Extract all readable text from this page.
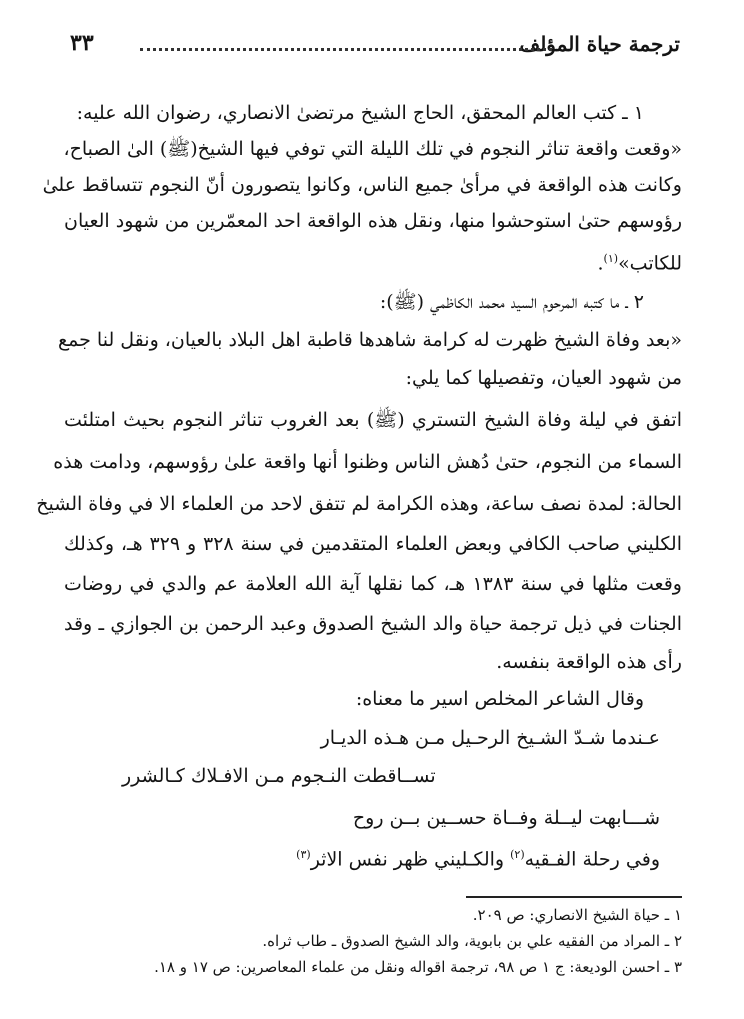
ترجمة حياة المؤلف
٣٣
١ ـ كتب العالم المحقق، الحاج الشيخ مرتضىٰ الانصاري، رضوان الله عليه:
«وقعت واقعة تناثر النجوم في تلك الليلة التي توفي فيها الشيخ(ﷺ) الىٰ الصباح،
وكانت هذه الواقعة في مرأىٰ جميع الناس، وكانوا يتصورون أنّ النجوم تتساقط علىٰ
رؤوسهم حتىٰ استوحشوا منها، ونقل هذه الواقعة احد المعمّرين من شهود العيان
للكاتب»$^{(١)}$.
٢ ـ ما كتبه المرحوم السيد محمد الكاظمي (ﷺ):
«بعد وفاة الشيخ ظهرت له كرامة شاهدها قاطبة اهل البلاد بالعيان، ونقل لنا جمع
من شهود العيان، وتفصيلها كما يلي:
اتفق في ليلة وفاة الشيخ التستري (ﷺ) بعد الغروب تناثر النجوم بحيث امتلئت
السماء من النجوم، حتىٰ دُهش الناس وظنوا أنها واقعة علىٰ رؤوسهم، ودامت هذه
الحالة: لمدة نصف ساعة، وهذه الكرامة لم تتفق لاحد من العلماء الا في وفاة الشيخ
الكليني صاحب الكافي وبعض العلماء المتقدمين في سنة ٣٢٨ و ٣٢٩ هـ، وكذلك
وقعت مثلها في سنة ١٣٨٣ هـ، كما نقلها آية الله العلامة عم والدي في روضات
الجنات في ذيل ترجمة حياة والد الشيخ الصدوق وعبد الرحمن بن الجوازي ـ وقد
رأى هذه الواقعة بنفسه.
وقال الشاعر المخلص اسير ما معناه:
عـندما شـدّ الشـيخ الرحـيل مـن هـذه الديـار
تســاقطت النـجوم مـن الافـلاك كـالشرر
شـــابهت ليــلة وفــاة حســين بــن روح
وفي رحلة الفـقيه$^{(٢)}$ والكـليني ظهر نفس الاثر$^{(٣)}$
١ ـ حياة الشيخ الانصاري: ص ٢٠٩.
٢ ـ المراد من الفقيه علي بن بابوية، والد الشيخ الصدوق ـ طاب ثراه.
٣ ـ احسن الوديعة: ج ١ ص ٩٨، ترجمة اقواله ونقل من علماء المعاصرين: ص ١٧ و ١٨.
